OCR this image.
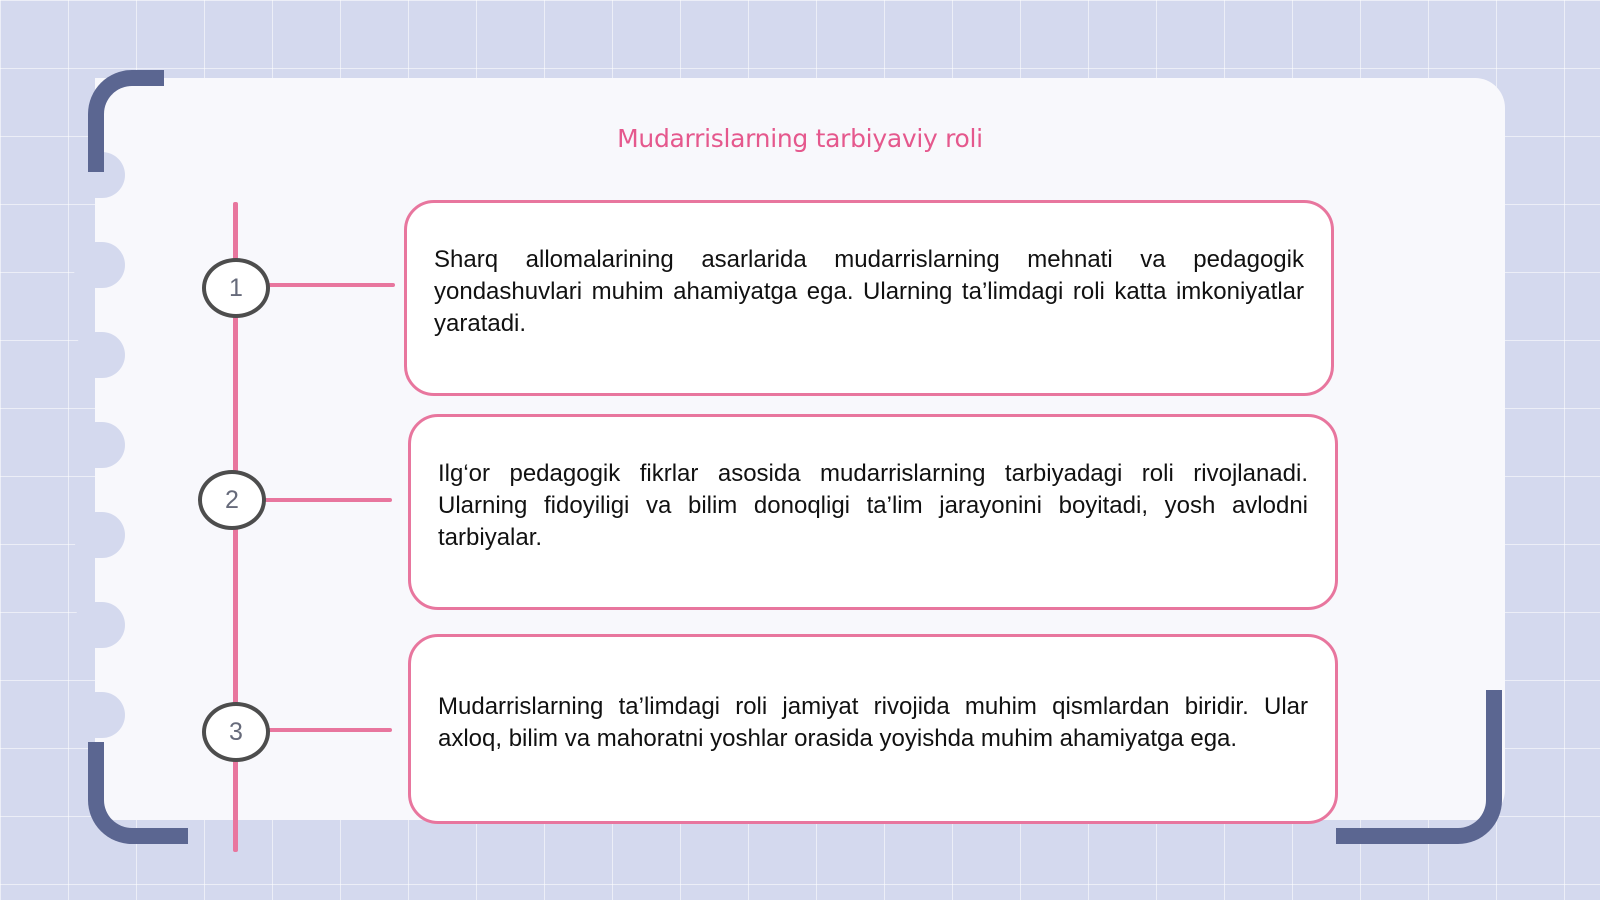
Mudarrislarning tarbiyaviy roli
1
2
3
Sharq allomalarining asarlarida mudarrislarning mehnati va pedagogik yondashuvlari muhim ahamiyatga ega. Ularning ta’limdagi roli katta imkoniyatlar yaratadi.
Ilg‘or pedagogik fikrlar asosida mudarrislarning tarbiyadagi roli rivojlanadi. Ularning fidoyiligi va bilim donoqligi ta’lim jarayonini boyitadi, yosh avlodni tarbiyalar.
Mudarrislarning ta’limdagi roli jamiyat rivojida muhim qismlardan biridir. Ular axloq, bilim va mahoratni yoshlar orasida yoyishda muhim ahamiyatga ega.
